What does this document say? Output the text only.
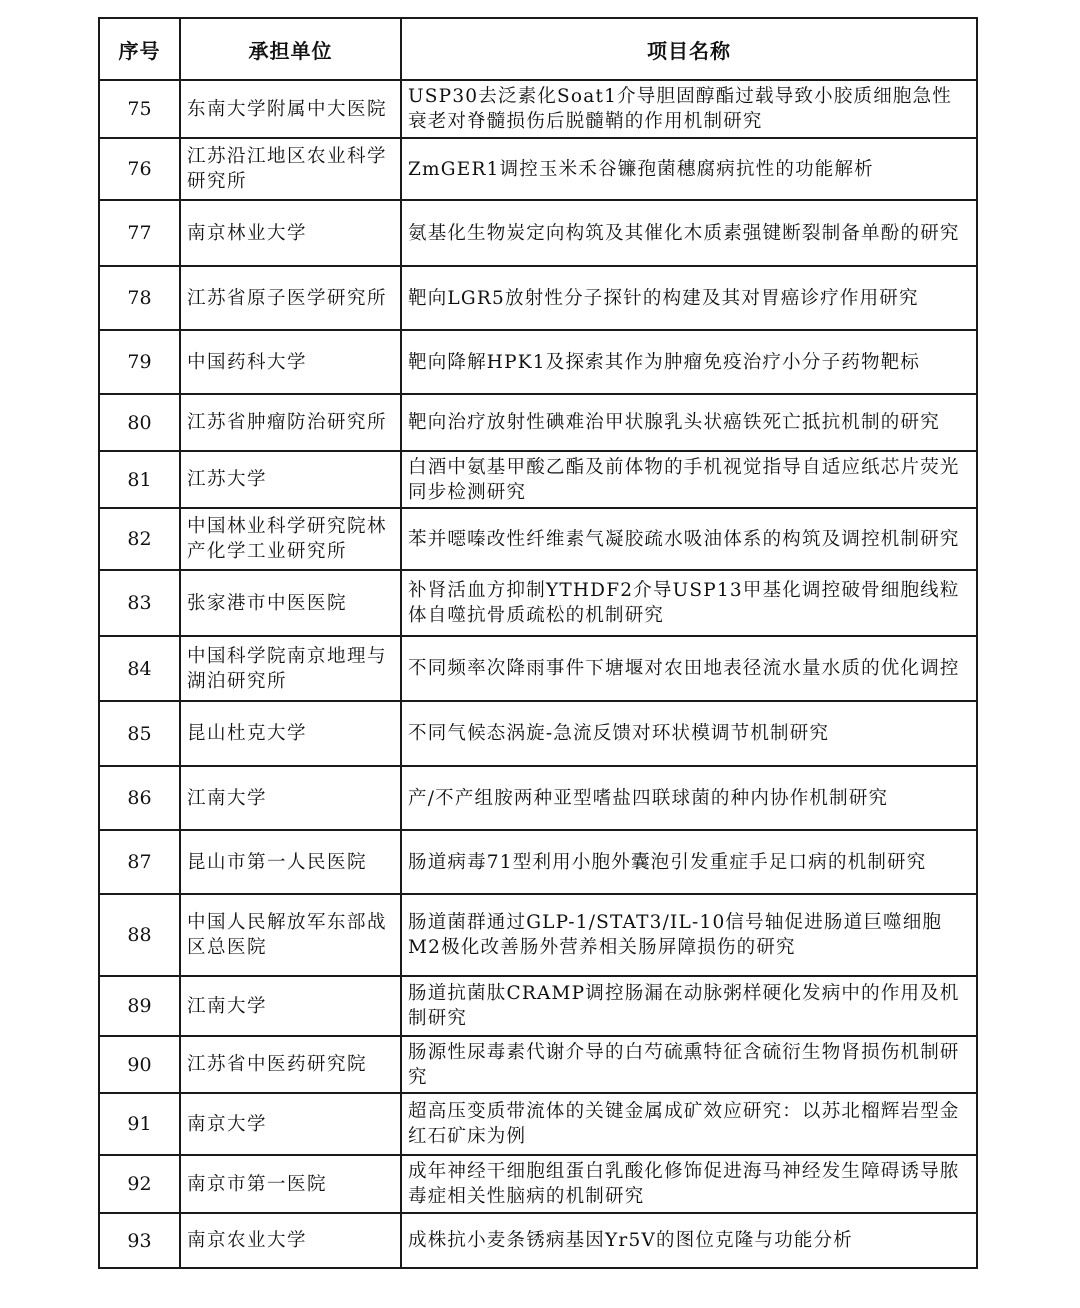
序号	承担单位	项目名称
75	东南大学附属中大医院	USP30去泛素化Soat1介导胆固醇酯过载导致小胶质细胞急性衰老对脊髓损伤后脱髓鞘的作用机制研究
76	江苏沿江地区农业科学研究所	ZmGER1调控玉米禾谷镰孢菌穗腐病抗性的功能解析
77	南京林业大学	氨基化生物炭定向构筑及其催化木质素强键断裂制备单酚的研究
78	江苏省原子医学研究所	靶向LGR5放射性分子探针的构建及其对胃癌诊疗作用研究
79	中国药科大学	靶向降解HPK1及探索其作为肿瘤免疫治疗小分子药物靶标
80	江苏省肿瘤防治研究所	靶向治疗放射性碘难治甲状腺乳头状癌铁死亡抵抗机制的研究
81	江苏大学	白酒中氨基甲酸乙酯及前体物的手机视觉指导自适应纸芯片荧光同步检测研究
82	中国林业科学研究院林产化学工业研究所	苯并噁嗪改性纤维素气凝胶疏水吸油体系的构筑及调控机制研究
83	张家港市中医医院	补肾活血方抑制YTHDF2介导USP13甲基化调控破骨细胞线粒体自噬抗骨质疏松的机制研究
84	中国科学院南京地理与湖泊研究所	不同频率次降雨事件下塘堰对农田地表径流水量水质的优化调控
85	昆山杜克大学	不同气候态涡旋-急流反馈对环状模调节机制研究
86	江南大学	产/不产组胺两种亚型嗜盐四联球菌的种内协作机制研究
87	昆山市第一人民医院	肠道病毒71型利用小胞外囊泡引发重症手足口病的机制研究
88	中国人民解放军东部战区总医院	肠道菌群通过GLP-1/STAT3/IL-10信号轴促进肠道巨噬细胞M2极化改善肠外营养相关肠屏障损伤的研究
89	江南大学	肠道抗菌肽CRAMP调控肠漏在动脉粥样硬化发病中的作用及机制研究
90	江苏省中医药研究院	肠源性尿毒素代谢介导的白芍硫熏特征含硫衍生物肾损伤机制研究
91	南京大学	超高压变质带流体的关键金属成矿效应研究：以苏北榴辉岩型金红石矿床为例
92	南京市第一医院	成年神经干细胞组蛋白乳酸化修饰促进海马神经发生障碍诱导脓毒症相关性脑病的机制研究
93	南京农业大学	成株抗小麦条锈病基因Yr5V的图位克隆与功能分析
